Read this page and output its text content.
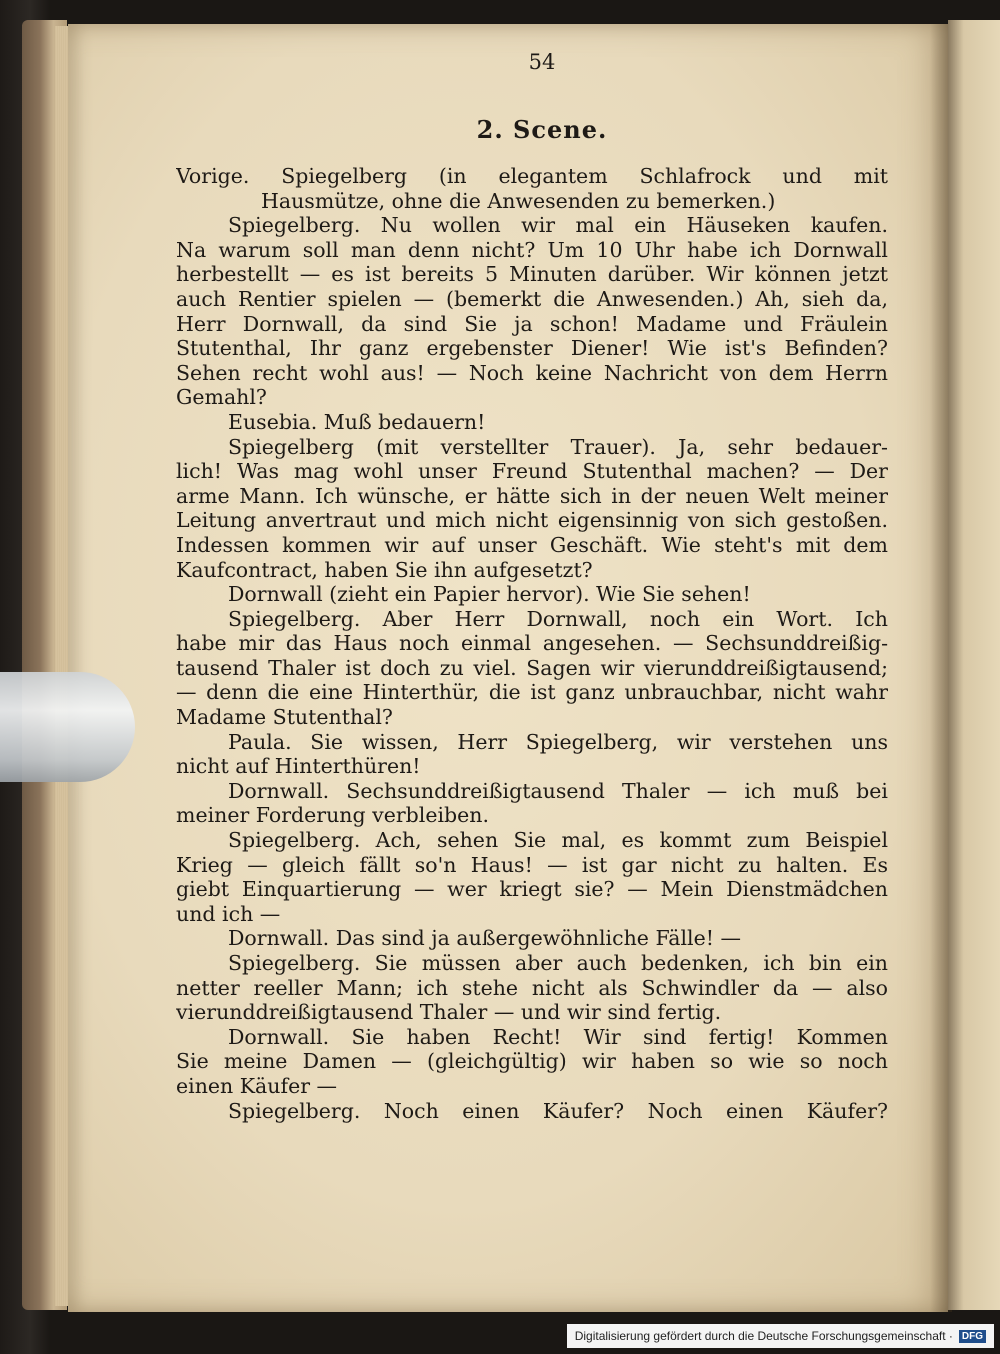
54
2. Scene.
Vorige. Spiegelberg (in elegantem Schlafrock und mit
Hausmütze, ohne die Anwesenden zu bemerken.)
Spiegelberg. Nu wollen wir mal ein Häuseken kaufen.
Na warum soll man denn nicht? Um 10 Uhr habe ich Dornwall
herbestellt — es ist bereits 5 Minuten darüber. Wir können jetzt
auch Rentier spielen — (bemerkt die Anwesenden.) Ah, sieh da,
Herr Dornwall, da sind Sie ja schon! Madame und Fräulein
Stutenthal, Ihr ganz ergebenster Diener! Wie ist's Befinden?
Sehen recht wohl aus! — Noch keine Nachricht von dem Herrn
Gemahl?
Eusebia. Muß bedauern!
Spiegelberg (mit verstellter Trauer). Ja, sehr bedauer-
lich! Was mag wohl unser Freund Stutenthal machen? — Der
arme Mann. Ich wünsche, er hätte sich in der neuen Welt meiner
Leitung anvertraut und mich nicht eigensinnig von sich gestoßen.
Indessen kommen wir auf unser Geschäft. Wie steht's mit dem
Kaufcontract, haben Sie ihn aufgesetzt?
Dornwall (zieht ein Papier hervor). Wie Sie sehen!
Spiegelberg. Aber Herr Dornwall, noch ein Wort. Ich
habe mir das Haus noch einmal angesehen. — Sechsunddreißig-
tausend Thaler ist doch zu viel. Sagen wir vierunddreißigtausend;
— denn die eine Hinterthür, die ist ganz unbrauchbar, nicht wahr
Madame Stutenthal?
Paula. Sie wissen, Herr Spiegelberg, wir verstehen uns
nicht auf Hinterthüren!
Dornwall. Sechsunddreißigtausend Thaler — ich muß bei
meiner Forderung verbleiben.
Spiegelberg. Ach, sehen Sie mal, es kommt zum Beispiel
Krieg — gleich fällt so'n Haus! — ist gar nicht zu halten. Es
giebt Einquartierung — wer kriegt sie? — Mein Dienstmädchen
und ich —
Dornwall. Das sind ja außergewöhnliche Fälle! —
Spiegelberg. Sie müssen aber auch bedenken, ich bin ein
netter reeller Mann; ich stehe nicht als Schwindler da — also
vierunddreißigtausend Thaler — und wir sind fertig.
Dornwall. Sie haben Recht! Wir sind fertig! Kommen
Sie meine Damen — (gleichgültig) wir haben so wie so noch
einen Käufer —
Spiegelberg. Noch einen Käufer? Noch einen Käufer?
Digitalisierung gefördert durch die Deutsche Forschungsgemeinschaft · DFG
